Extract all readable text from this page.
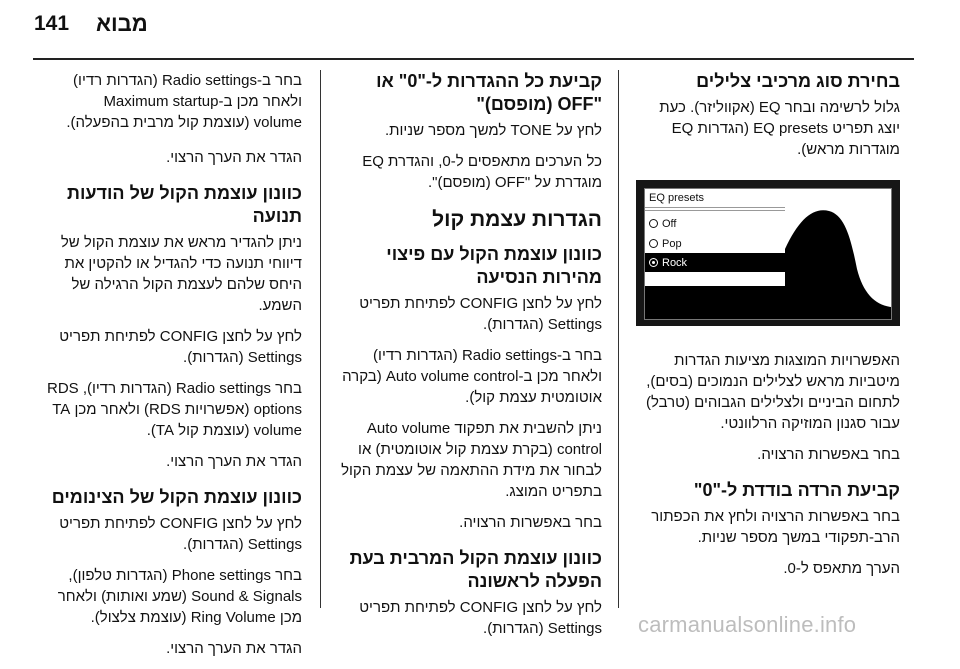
141 מבוא
בחר ב-Radio settings (הגדרות רדיו)
ולאחר מכן ב-Maximum startup
volume (עוצמת קול מרבית בהפעלה).
הגדר את הערך הרצוי.
כוונון עוצמת הקול של הודעות תנועה
ניתן להגדיר מראש את עוצמת הקול של דיווחי תנועה כדי להגדיל או להקטין את היחס שלהם לעצמת הקול הרגילה של השמע.
לחץ על לחצן CONFIG לפתיחת תפריט Settings (הגדרות).
בחר Radio settings (הגדרות רדיו), RDS options (אפשרויות RDS) ולאחר מכן TA volume (עוצמת קול TA).
הגדר את הערך הרצוי.
כוונון עוצמת הקול של הצינומים
לחץ על לחצן CONFIG לפתיחת תפריט Settings (הגדרות).
בחר Phone settings (הגדרות טלפון), Sound & Signals (שמע ואותות) ולאחר מכן Ring Volume (עוצמת צלצול).
הגדר את הערך הרצוי.
קביעת כל ההגדרות ל-"0" או "OFF (מופסם)"
לחץ על TONE למשך מספר שניות.
כל הערכים מתאפסים ל-0, והגדרת EQ מוגדרת על "OFF (מופסם)".
הגדרות עצמת קול
כוונון עוצמת הקול עם פיצוי מהירות הנסיעה
לחץ על לחצן CONFIG לפתיחת תפריט Settings (הגדרות).
בחר ב-Radio settings (הגדרות רדיו) ולאחר מכן ב-Auto volume control (בקרה אוטומטית עצמת קול).
ניתן להשבית את תפקוד Auto volume control (בקרת עצמת קול אוטומטית) או לבחור את מידת ההתאמה של עצמת הקול בתפריט המוצג.
בחר באפשרות הרצויה.
כוונון עוצמת הקול המרבית בעת הפעלה לראשונה
לחץ על לחצן CONFIG לפתיחת תפריט Settings (הגדרות).
בחירת סוג מרכיבי צלילים
גלול לרשימה ובחר EQ (אקווליזר). כעת יוצג תפריט EQ presets (הגדרות EQ מוגדרות מראש).
EQ presets
Off
Pop
Rock
האפשרויות המוצגות מציעות הגדרות מיטביות מראש לצלילים הנמוכים (בסים), לתחום הביניים ולצלילים הגבוהים (טרבל) עבור סגנון המוזיקה הרלוונטי.
בחר באפשרות הרצויה.
קביעת הרדה בודדת ל-"0"
בחר באפשרות הרצויה ולחץ את הכפתור הרב-תפקודי במשך מספר שניות.
הערך מתאפס ל-0.
carmanualsonline.info
